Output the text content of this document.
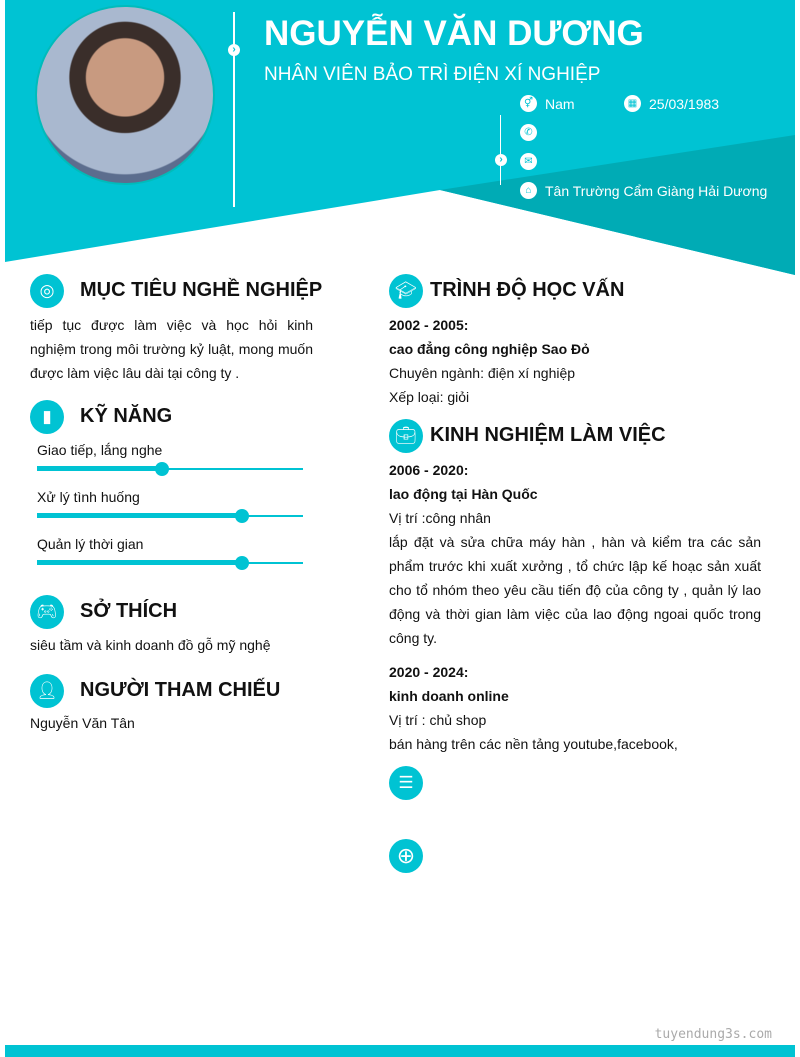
› NGUYỄN VĂN DƯƠNG
NHÂN VIÊN BẢO TRÌ ĐIỆN XÍ NGHIỆP
›
⚥ Nam	▦ 25/03/1983
✆
✉
⌂ Tân Trường Cẩm Giàng Hải Dương
◎	MỤC TIÊU NGHỀ NGHIỆP
tiếp tục được làm việc và học hỏi kinh nghiệm trong môi trường kỷ luật, mong muốn được làm việc lâu dài tại công ty .
▮	KỸ NĂNG
Giao tiếp, lắng nghe
Xử lý tình huống
Quản lý thời gian
🎮︎	SỞ THÍCH
siêu tầm và kinh doanh đồ gỗ mỹ nghệ
👤︎	NGƯỜI THAM CHIẾU
Nguyễn Văn Tân
🎓︎ TRÌNH ĐỘ HỌC VẤN
2002 - 2005:
cao đẳng công nghiệp Sao Đỏ
Chuyên ngành: điện xí nghiệp
Xếp loại: giỏi
💼︎ KINH NGHIỆM LÀM VIỆC
2006 - 2020:
lao động tại Hàn Quốc
Vị trí :công nhân
lắp đặt và sửa chữa máy hàn , hàn và kiểm tra các sản phẩm trước khi xuất xưởng , tổ chức lập kế hoạc sản xuất cho tổ nhóm theo yêu cầu tiến độ của công ty , quản lý lao động và thời gian làm việc của lao động ngoai quốc trong công ty.
2020 - 2024:
kinh doanh online
Vị trí : chủ shop
bán hàng trên các nền tảng youtube,facebook,
☰
⊕
tuyendung3s.com
